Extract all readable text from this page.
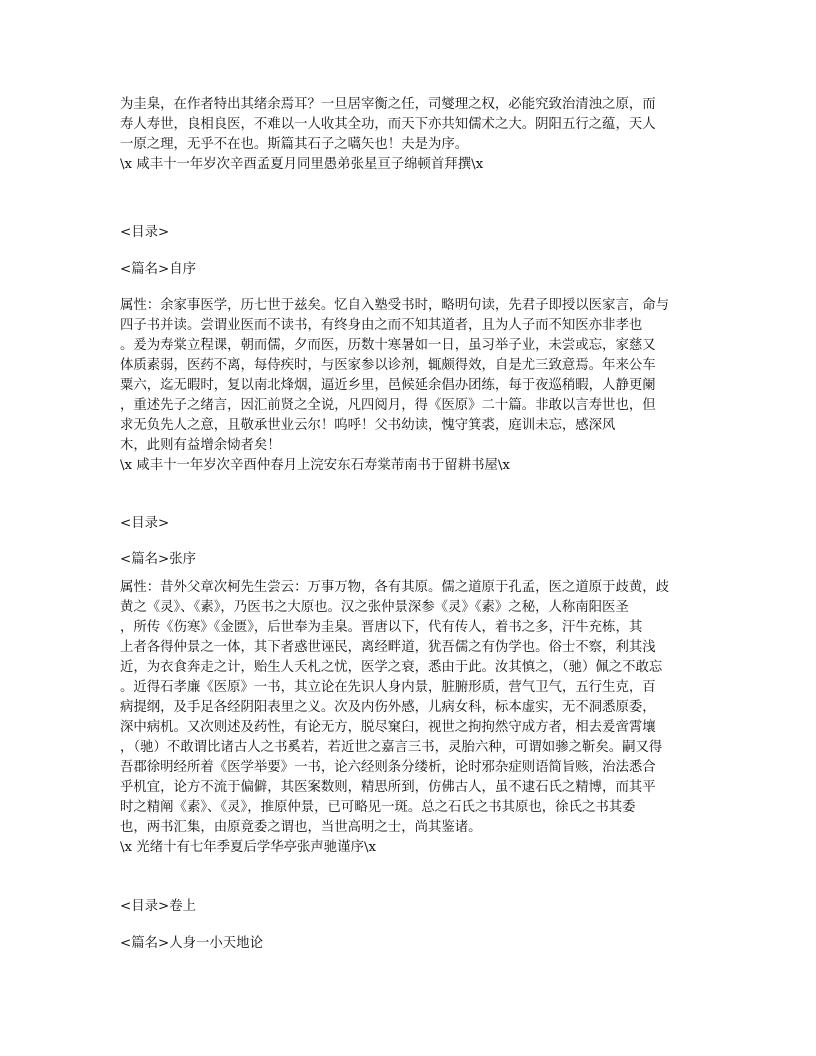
为圭臬，在作者特出其绪余焉耳？一旦居宰衡之任，司燮理之权，必能究致治清浊之原，而
寿人寿世，良相良医，不难以一人收其全功，而天下亦共知儒术之大。阴阳五行之蕴，天人
一原之理，无乎不在也。斯篇其石子之嚆矢也！夫是为序。
\x 咸丰十一年岁次辛酉孟夏月同里愚弟张星亘子绵顿首拜撰\x
<目录>
<篇名>自序
属性：余家事医学，历七世于兹矣。忆自入塾受书时，略明句读，先君子即授以医家言，命与
四子书并读。尝谓业医而不读书，有终身由之而不知其道者，且为人子而不知医亦非孝也
。爰为寿棠立程课，朝而儒，夕而医，历数十寒暑如一日，虽习举子业，未尝或忘，家慈又
体质素弱，医药不离，每侍疾时，与医家参以诊剂，辄颇得效，自是尤三致意焉。年来公车
粟六，迄无暇时，复以南北烽烟，逼近乡里，邑候延余倡办团练，每于夜巡稍暇，人静更阑
，重述先子之绪言，因汇前贤之全说，凡四阅月，得《医原》二十篇。非敢以言寿世也，但
求无负先人之意，且敬承世业云尔！呜呼！父书幼读，愧守箕裘，庭训未忘，感深风
木，此则有益增余恸者矣！
\x 咸丰十一年岁次辛酉仲春月上浣安东石寿棠芾南书于留耕书屋\x
<目录>
<篇名>张序
属性：昔外父章次柯先生尝云：万事万物，各有其原。儒之道原于孔孟，医之道原于歧黄，歧
黄之《灵》、《素》，乃医书之大原也。汉之张仲景深参《灵》《素》之秘，人称南阳医圣
，所传《伤寒》《金匮》，后世奉为圭臬。晋唐以下，代有传人，着书之多，汗牛充栋，其
上者各得仲景之一体，其下者惑世诬民，离经畔道，犹吾儒之有伪学也。俗士不察，利其浅
近，为衣食奔走之计，贻生人夭札之忧，医学之衰，悉由于此。汝其慎之，（驰）佩之不敢忘
。近得石孝廉《医原》一书，其立论在先识人身内景，脏腑形质，营气卫气，五行生克，百
病提纲，及手足各经阴阳表里之义。次及内伤外感，儿病女科，标本虚实，无不洞悉原委，
深中病机。又次则述及药性，有论无方，脱尽窠臼，视世之拘拘然守成方者，相去爰啻霄壤
，（驰）不敢谓比诸古人之书奚若，若近世之嘉言三书，灵胎六种，可谓如骖之靳矣。嗣又得
吾郡徐明经所着《医学举要》一书，论六经则条分缕析，论时邪杂症则语简旨赅，治法悉合
乎机宜，论方不流于偏僻，其医案数则，精思所到，仿佛古人，虽不逮石氏之精博，而其平
时之精阐《素》、《灵》，推原仲景，已可略见一斑。总之石氏之书其原也，徐氏之书其委
也，两书汇集，由原竟委之谓也，当世高明之士，尚其鉴诸。
\x 光绪十有七年季夏后学华亭张声驰谨序\x
<目录>卷上
<篇名>人身一小天地论
